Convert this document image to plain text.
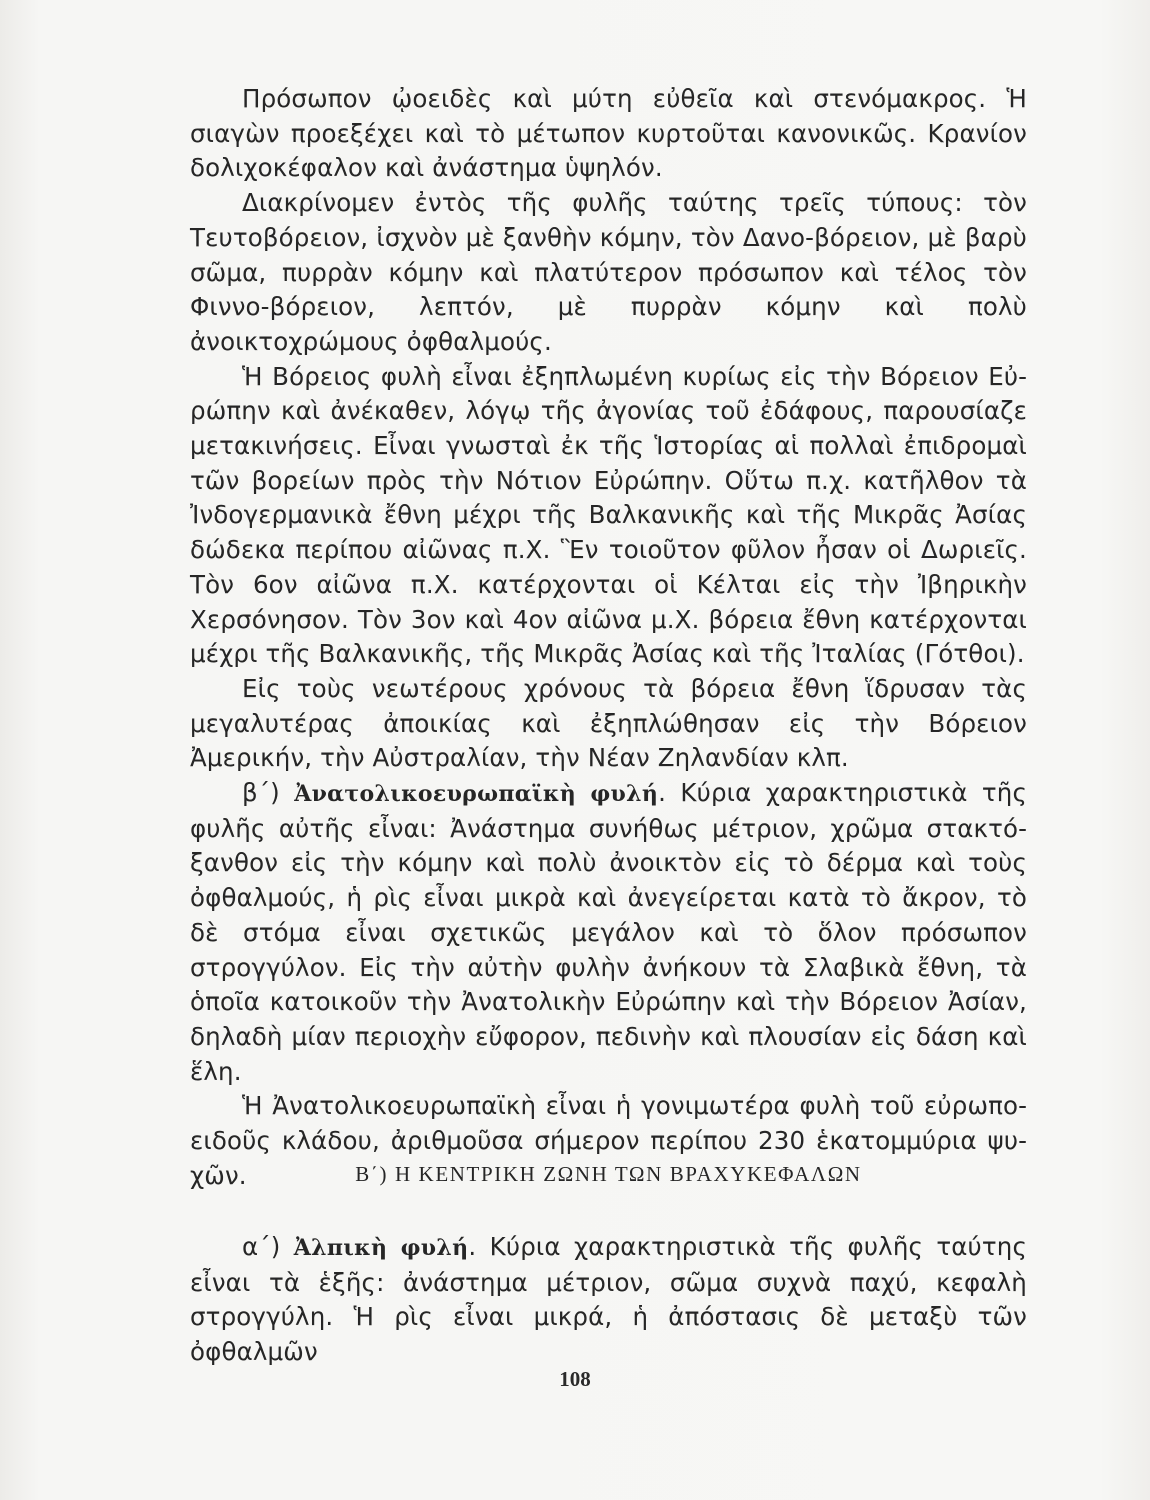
Πρόσωπον ᾠοειδὲς καὶ μύτη εὐθεῖα καὶ στενόμακρος. Ἡ σιαγὼν προεξέχει καὶ τὸ μέτωπον κυρτοῦται κανονικῶς. Κρανίον δολιχοκέφαλον καὶ ἀνάστημα ὑψηλόν.

Διακρίνομεν ἐντὸς τῆς φυλῆς ταύτης τρεῖς τύπους: τὸν Τευτοβόρειον, ἰσχνὸν μὲ ξανθὴν κόμην, τὸν Δανο-βόρειον, μὲ βαρὺ σῶμα, πυρρὰν κόμην καὶ πλατύτερον πρόσωπον καὶ τέλος τὸν Φιννο-βόρειον, λεπτόν, μὲ πυρρὰν κόμην καὶ πολὺ ἀνοικτοχρώμους ὀφθαλμούς.

Ἡ Βόρειος φυλὴ εἶναι ἐξηπλωμένη κυρίως εἰς τὴν Βόρειον Εὐρώπην καὶ ἀνέκαθεν, λόγῳ τῆς ἀγονίας τοῦ ἐδάφους, παρουσίαζε μετακινήσεις. Εἶναι γνωσταὶ ἐκ τῆς Ἱστορίας αἱ πολλαὶ ἐπιδρομαὶ τῶν βορείων πρὸς τὴν Νότιον Εὐρώπην. Οὕτω π.χ. κατῆλθον τὰ Ἰνδογερμανικὰ ἔθνη μέχρι τῆς Βαλκανικῆς καὶ τῆς Μικρᾶς Ἀσίας δώδεκα περίπου αἰῶνας π.Χ. Ἓν τοιοῦτον φῦλον ἦσαν οἱ Δωριεῖς. Τὸν 6ον αἰῶνα π.Χ. κατέρχονται οἱ Κέλται εἰς τὴν Ἰβηρικὴν Χερσόνησον. Τὸν 3ον καὶ 4ον αἰῶνα μ.Χ. βόρεια ἔθνη κατέρχονται μέχρι τῆς Βαλκανικῆς, τῆς Μικρᾶς Ἀσίας καὶ τῆς Ἰταλίας (Γότθοι).

Εἰς τοὺς νεωτέρους χρόνους τὰ βόρεια ἔθνη ἵδρυσαν τὰς μεγαλυτέρας ἀποικίας καὶ ἐξηπλώθησαν εἰς τὴν Βόρειον Ἀμερικήν, τὴν Αὐστραλίαν, τὴν Νέαν Ζηλανδίαν κλπ.

β΄) Ἀνατολικοευρωπαϊκὴ φυλή. Κύρια χαρακτηριστικὰ τῆς φυλῆς αὐτῆς εἶναι: Ἀνάστημα συνήθως μέτριον, χρῶμα στακτόξανθον εἰς τὴν κόμην καὶ πολὺ ἀνοικτὸν εἰς τὸ δέρμα καὶ τοὺς ὀφθαλμούς, ἡ ρὶς εἶναι μικρὰ καὶ ἀνεγείρεται κατὰ τὸ ἄκρον, τὸ δὲ στόμα εἶναι σχετικῶς μεγάλον καὶ τὸ ὅλον πρόσωπον στρογγύλον. Εἰς τὴν αὐτὴν φυλὴν ἀνήκουν τὰ Σλαβικὰ ἔθνη, τὰ ὁποῖα κατοικοῦν τὴν Ἀνατολικὴν Εὐρώπην καὶ τὴν Βόρειον Ἀσίαν, δηλαδὴ μίαν περιοχὴν εὔφορον, πεδινὴν καὶ πλουσίαν εἰς δάση καὶ ἕλη.

Ἡ Ἀνατολικοευρωπαϊκὴ εἶναι ἡ γονιμωτέρα φυλὴ τοῦ εὐρωποειδοῦς κλάδου, ἀριθμοῦσα σήμερον περίπου 230 ἑκατομμύρια ψυχῶν.	Β΄) Η ΚΕΝΤΡΙΚΗ ΖΩΝΗ ΤΩΝ ΒΡΑΧΥΚΕΦΑΛΩΝ

α΄) Ἀλπικὴ φυλή. Κύρια χαρακτηριστικὰ τῆς φυλῆς ταύτης εἶναι τὰ ἑξῆς: ἀνάστημα μέτριον, σῶμα συχνὰ παχύ, κεφαλὴ στρογγύλη. Ἡ ρὶς εἶναι μικρά, ἡ ἀπόστασις δὲ μεταξὺ τῶν ὀφθαλμῶν

108
